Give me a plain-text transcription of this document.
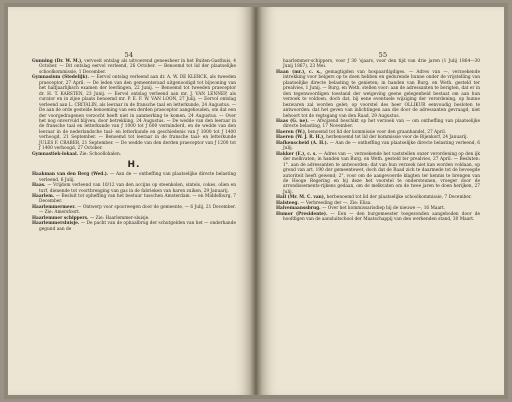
54

Gunning (Dr. W. M.), vervoeit ontslag als uitvoerend geneesheer in het Buiten-Gasthuis, 4 October. — Dit ontslag eervol verleend, 26 October. — Benoemd tot lid der plaatselijke schoolkommissie, 1 December.

Gymnasium (Stedelijk). — Eervol ontslag verleend aan dr. A. W. DE KLERCK, als tweeden praeceptor, 27 April. — De leden van den gemeenteraad uitgenoodigd tot bijwoning van het halfjaarlijksch examen der leerlingen, 22 Junij. — Benoemd tot tweeden praeceptor dr. H. T. KARSTEN, 23 Junij. — Eervol ontslag verleend aan mr. J. VAN LENNEP, als curator en in zijne plaats benoemd mr. P. E. F. W. VAN LOON, 27 Julij. — Eervol ontslag verleend aan L. CRITALIN, als leeraar in de fransche taal en letterkunde, 24 Augustus. — De aan de orde gestelde benoeming van een derden praeceptor aangehouden, om dat een der voorgedragenen verzocht heeft niet in aanmerking te komen, 24 Augustus. — Over het nog onvervuld blijven, door betrekking, 24 Augustus. — De wedde van den leeraar in de fransche taal en letterkunde van ƒ 1000 tot ƒ 600 verminderd, en de wedde van den leeraar in de nederlandsche taal- en letterkunde en geschiedenis van ƒ 1000 tot ƒ 1400 verhoogd, 21 September. — Benoemd tot leeraar in de fransche taal- en letterkunde JULES F. CRABER, 21 September. — De wedde van den derden praeceptor van ƒ 1200 tot ƒ 1400 verhoogd, 27 October.

Gymnastiek-lokaal. Zie: Schoollokalen.

H.

Haakman van den Berg (Wed.). — Aan de — ontheffing van plaatselijke directe belasting verleend, 6 Julij.

Haas. — Vrijdom verleend van 10/12 van den accijns op steenkolen, sintels, cokes, olien en turf, dienende tot voortbrenging van gas in de fabrieken van haren zuiken, 29 Januarij.

Haarlem. — Besluit tot opheffing van het bestuur tusschen Amsterdam. — en Middelburg, 7 December.

Haarlemmermeer. — Ontwerp voor spoorwegen door de gemeente, — 6 Julij, 21 December. — Zie: Amersfoort.

Haarlemmer schippers. — Zie: Haarlemmer-sluisje.

Haarlemmersluisje. — De pacht van de ophaalbrug der schutgelden van het — onderhande gegund aan de

55

haarlemmer-schippers, voor ƒ 30 'sjaars, voor den tijd van drie jaren (1 Julij 1864—30 Junij 1867), 23 Mei.

Haan (mr.), c. s., gemagtigden van hospaardigdiges. — Adres van —, verzoekende intrekking voor belgers op te doen hebben en gedurende hunne onder de vrijstelling van plaatselijke directe belasting te genieten; in handen van Burg. en Weth. gesteld ter prealvies, 1 Junij. — Burg. en Weth. stellen voor: aan de adressanten te berigten, dat er in den tegenwoordigen toestand der wetgeving geene gelegenheid bestaat om aan hun verzoek te voldoen, doch dat, bij eene eventuele wijziging der verordening, op hunne bezwaren zal worden gelet; op voorstel des heer OLLIKUR eenvoudig besloten te antwoorden: dat het geven van inlichtingen aan die door de adressanten gevraagd, niet behoort tot de regtsgang van den Raad, 29 Augustus.

Haas (G. ne). — Afwijzend beschikt op het verzoek van — om ontheffing van plaatselijke directe belasting, 17 November.

Haeren (W.), benoemd tot lid der kommissie voor den graanhandel, 27 April.

Haeren (W. J. R. H.), herbenoemd tot lid der kommissie voor de Bijenkorf, 24 Januarij.

Hafkenscheid (A. H.). — Aan de — ontheffing van plaatselijke directe belasting verleend, 6 Julij.

Hakker (E.), c. s. — Adres van —, verzoekende het vaststellen onzer verordening op den ijk der melkvaten; in handen van Burg. en Weth. gesteld ter prealvies, 27 April. — Besluten: 1°. aan de adressanten te antwoorden: dat van hun verzoek niet kan worden voldaan, op grond van art. 190 der gemeentewet, doch dat de Raad zich te daarmede tot de bevoegde autoriteit heeft gewend; 2°. voor om de aangevoerde klagten ter kennis te brengen van de Hooge Regering en bij deze het voorstel te ondersteunen, vroeger door de arrondissements-rijkens gedaan, om de melkvaten om de twee jaren te doen herijken, 27 Julij.

Hall (Mr. M. C. van), herbenoemd tot lid der plaatselijke schoolkommissie, 7 December.

Halsteeg. — Verbreeding der —. Zie: Elisa.

Halvemaanssbrug. — Over het kommissarisdiep bij de nieuwe —, 16 Maart.

Humor (Presidente). — Een — den burgemeester toegezonden aangeboden door de hoofdigen van de aansluitschool der Maatschappij van den werkenden stand, 30 Maart.
